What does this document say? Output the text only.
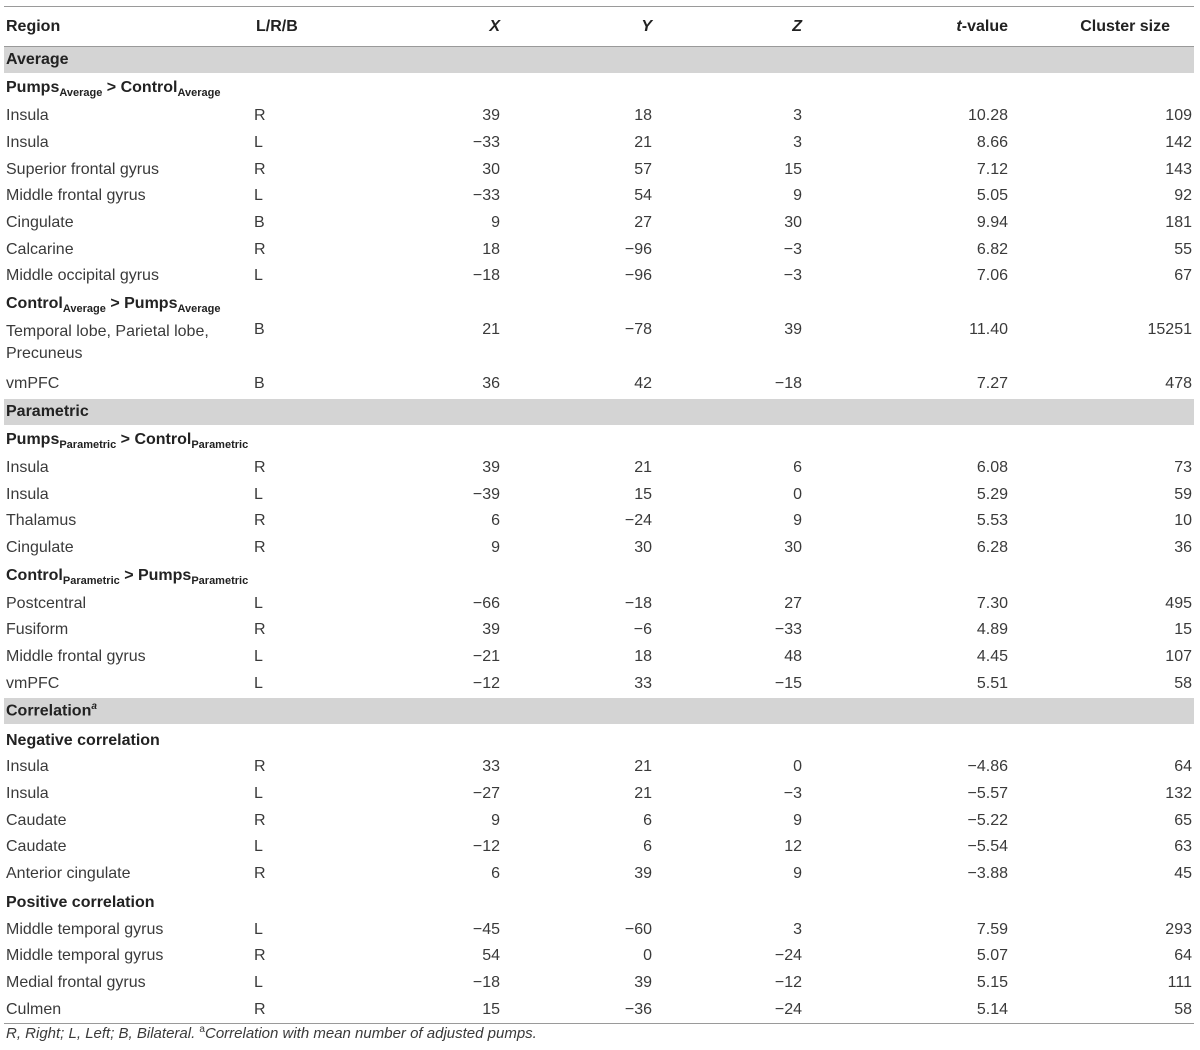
Region	L/R/B	X	Y	Z	t-value	Cluster size
Average						
Pumps$_{Average}$ > Control$_{Average}$
Insula	R	39	18	3	10.28	109
Insula	L	−33	21	3	8.66	142
Superior frontal gyrus	R	30	57	15	7.12	143
Middle frontal gyrus	L	−33	54	9	5.05	92
Cingulate	B	9	27	30	9.94	181
Calcarine	R	18	−96	−3	6.82	55
Middle occipital gyrus	L	−18	−96	−3	7.06	67
Control$_{Average}$ > Pumps$_{Average}$
Temporal lobe, Parietal lobe, Precuneus	B	21	−78	39	11.40	15251
vmPFC	B	36	42	−18	7.27	478
Parametric						
Pumps$_{Parametric}$ > Control$_{Parametric}$
Insula	R	39	21	6	6.08	73
Insula	L	−39	15	0	5.29	59
Thalamus	R	6	−24	9	5.53	10
Cingulate	R	9	30	30	6.28	36
Control$_{Parametric}$ > Pumps$_{Parametric}$
Postcentral	L	−66	−18	27	7.30	495
Fusiform	R	39	−6	−33	4.89	15
Middle frontal gyrus	L	−21	18	48	4.45	107
vmPFC	L	−12	33	−15	5.51	58
Correlation$^a$
Negative correlation						
Insula	R	33	21	0	−4.86	64
Insula	L	−27	21	−3	−5.57	132
Caudate	R	9	6	9	−5.22	65
Caudate	L	−12	6	12	−5.54	63
Anterior cingulate	R	6	39	9	−3.88	45
Positive correlation						
Middle temporal gyrus	L	−45	−60	3	7.59	293
Middle temporal gyrus	R	54	0	−24	5.07	64
Medial frontal gyrus	L	−18	39	−12	5.15	111
Culmen	R	15	−36	−24	5.14	58
R, Right; L, Left; B, Bilateral. $^a$Correlation with mean number of adjusted pumps.
